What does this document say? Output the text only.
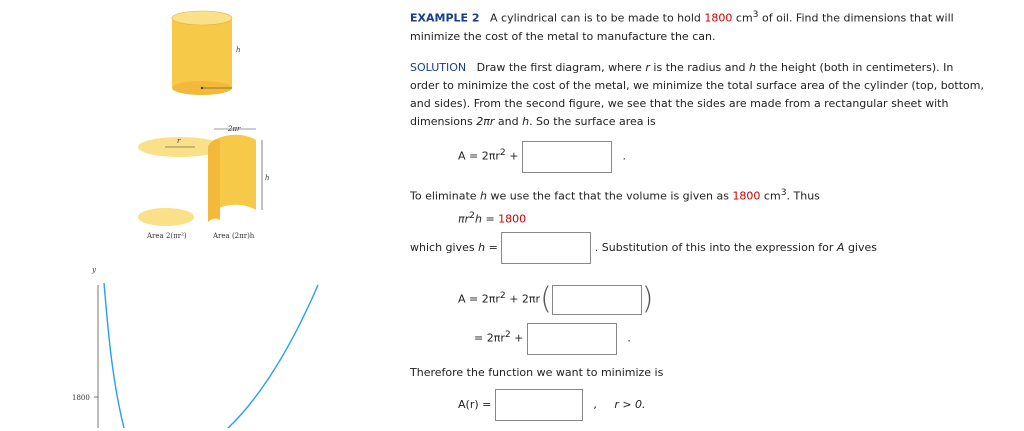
h
r
2πr
h
Area 2(πr²)	Area (2πr)h
y
1800
EXAMPLE 2 A cylindrical can is to be made to hold 1800 $cm^3$ of oil. Find the dimensions that will
minimize the cost of the metal to manufacture the can.
SOLUTION Draw the first diagram, where r is the radius and h the height (both in centimeters). In
order to minimize the cost of the metal, we minimize the total surface area of the cylinder (top, bottom,
and sides). From the second figure, we see that the sides are made from a rectangular sheet with
dimensions 2πr and h. So the surface area is
$A = 2\pi r^2$ +	.
To eliminate h we use the fact that the volume is given as 1800 $cm^3$. Thus
$\pi r^2h = 1800$
which gives h =	. Substitution of this into the expression for A gives
$A = 2\pi r^2 + 2\pi r$(	)
= $2\pi r^2$ +	.
Therefore the function we want to minimize is
A(r) =	, r > 0.
